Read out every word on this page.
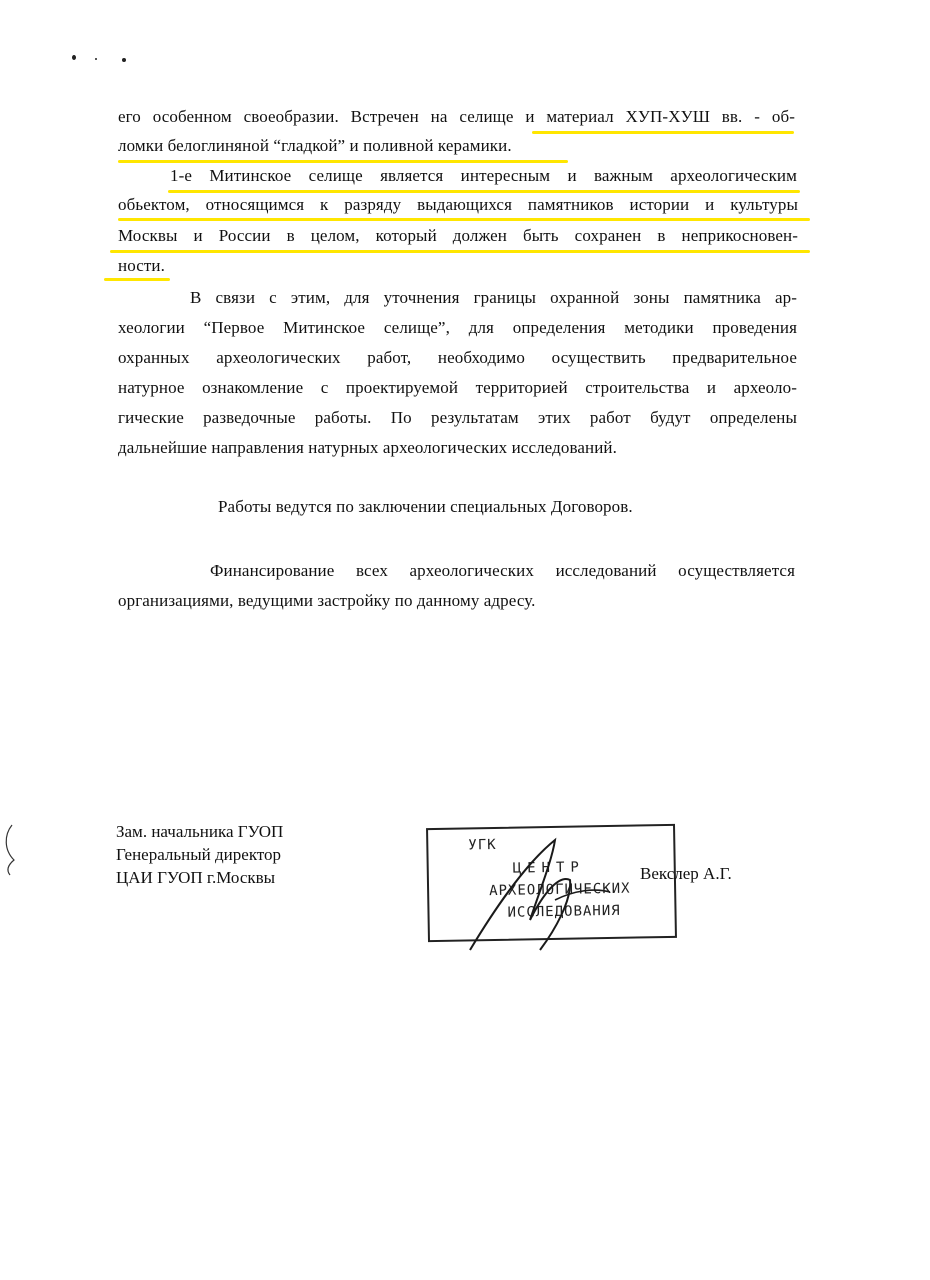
его особенном своеобразии. Встречен на селище и материал ХУП-ХУШ вв. - об-
ломки белоглиняной “гладкой” и поливной керамики.
1-е Митинское селище является интересным и важным археологическим
обьектом, относящимся к разряду выдающихся памятников истории и культуры
Москвы и России в целом, который должен быть сохранен в неприкосновен-
ности.
В связи с этим, для уточнения границы охранной зоны памятника ар-
хеологии “Первое Митинское селище”, для определения методики проведения
охранных археологических работ, необходимо осуществить предварительное
натурное ознакомление с проектируемой территорией строительства и археоло-
гические разведочные работы. По результатам этих работ будут определены
дальнейшие направления натурных археологических исследований.
Работы ведутся по заключении специальных Договоров.
Финансирование всех археологических исследований осуществляется
организациями, ведущими застройку по данному адресу.
Зам. начальника ГУОП
Генеральный директор
ЦАИ ГУОП г.Москвы
УГК
ЦЕНТР
АРХЕОЛОГИЧЕСКИХ
ИССЛЕДОВАНИЯ
Векслер А.Г.
